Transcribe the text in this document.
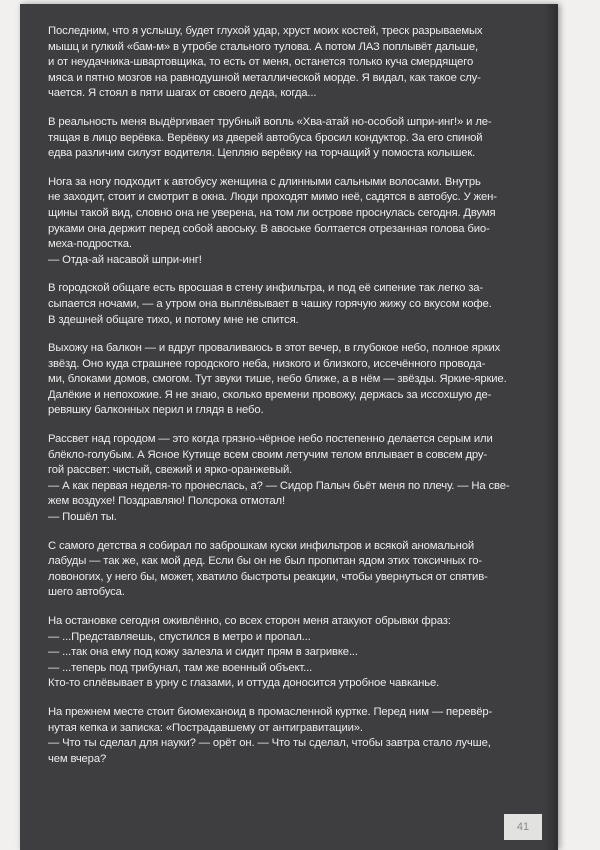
Последним, что я услышу, будет глухой удар, хруст моих костей, треск разрываемых
мышц и гулкий «бам-м» в утробе стального тулова. А потом ЛАЗ поплывёт дальше,
и от неудачника-швартовщика, то есть от меня, останется только куча смердящего
мяса и пятно мозгов на равнодушной металлической морде. Я видал, как такое слу-
чается. Я стоял в пяти шагах от своего деда, когда...
В реальность меня выдёргивает трубный вопль «Хва-атай но-особой шпри-инг!» и ле-
тящая в лицо верёвка. Верёвку из дверей автобуса бросил кондуктор. За его спиной
едва различим силуэт водителя. Цепляю верёвку на торчащий у помоста колышек.
Нога за ногу подходит к автобусу женщина с длинными сальными волосами. Внутрь
не заходит, стоит и смотрит в окна. Люди проходят мимо неё, садятся в автобус. У жен-
щины такой вид, словно она не уверена, на том ли острове проснулась сегодня. Двумя
руками она держит перед собой авоську. В авоське болтается отрезанная голова био-
меха-подростка.
— Отда-ай насавой шпри-инг!
В городской общаге есть вросшая в стену инфильтра, и под её сипение так легко за-
сыпается ночами, — а утром она выплёвывает в чашку горячую жижу со вкусом кофе.
В здешней общаге тихо, и потому мне не спится.
Выхожу на балкон — и вдруг проваливаюсь в этот вечер, в глубокое небо, полное ярких
звёзд. Оно куда страшнее городского неба, низкого и близкого, иссечённого провода-
ми, блоками домов, смогом. Тут звуки тише, небо ближе, а в нём — звёзды. Яркие-яркие.
Далёкие и непохожие. Я не знаю, сколько времени провожу, держась за иссохшую де-
ревяшку балконных перил и глядя в небо.
Рассвет над городом — это когда грязно-чёрное небо постепенно делается серым или
блёкло-голубым. А Ясное Кутище всем своим летучим телом вплывает в совсем дру-
гой рассвет: чистый, свежий и ярко-оранжевый.
— А как первая неделя-то пронеслась, а? — Сидор Палыч бьёт меня по плечу. — На све-
жем воздухе! Поздравляю! Полсрока отмотал!
— Пошёл ты.
С самого детства я собирал по заброшкам куски инфильтров и всякой аномальной
лабуды — так же, как мой дед. Если бы он не был пропитан ядом этих токсичных го-
ловоногих, у него бы, может, хватило быстроты реакции, чтобы увернуться от спятив-
шего автобуса.
На остановке сегодня оживлённо, со всех сторон меня атакуют обрывки фраз:
— ...Представляешь, спустился в метро и пропал...
— ...так она ему под кожу залезла и сидит прям в загривке...
— ...теперь под трибунал, там же военный объект...
Кто-то сплёвывает в урну с глазами, и оттуда доносится утробное чавканье.
На прежнем месте стоит биомеханоид в промасленной куртке. Перед ним — перевёр-
нутая кепка и записка: «Пострадавшему от антигравитации».
— Что ты сделал для науки? — орёт он. — Что ты сделал, чтобы завтра стало лучше,
чем вчера?
41
